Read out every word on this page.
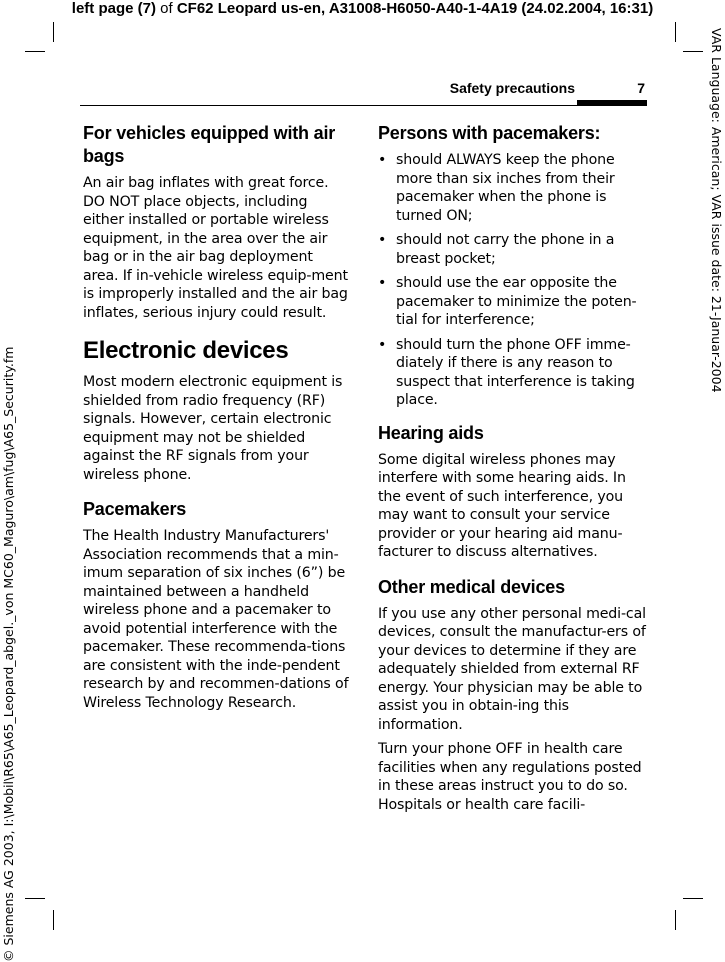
left page (7) of CF62 Leopard us-en, A31008-H6050-A40-1-4A19 (24.02.2004, 16:31)
VAR Language: American; VAR issue date: 21-Januar-2004
© Siemens AG 2003, I:\Mobil\R65\A65_Leopard_abgel._von MC60_Maguro\am\fug\A65_Security.fm
Safety precautions	7
For vehicles equipped with air bags

An air bag inflates with great force. DO NOT place objects, including either installed or portable wireless equipment, in the area over the air bag or in the air bag deployment area. If in-vehicle wireless equip-ment is improperly installed and the air bag inflates, serious injury could result.

Electronic devices

Most modern electronic equipment is shielded from radio frequency (RF) signals. However, certain electronic equipment may not be shielded against the RF signals from your wireless phone.

Pacemakers

The Health Industry Manufacturers' Association recommends that a min-imum separation of six inches (6”) be maintained between a handheld wireless phone and a pacemaker to avoid potential interference with the pacemaker. These recommenda-tions are consistent with the inde-pendent research by and recommen-dations of Wireless Technology Research.

Persons with pacemakers:
• should ALWAYS keep the phone more than six inches from their pacemaker when the phone is turned ON;
• should not carry the phone in a breast pocket;
• should use the ear opposite the pacemaker to minimize the poten-tial for interference;
• should turn the phone OFF imme-diately if there is any reason to suspect that interference is taking place.
Hearing aids

Some digital wireless phones may interfere with some hearing aids. In the event of such interference, you may want to consult your service provider or your hearing aid manu-facturer to discuss alternatives.

Other medical devices

If you use any other personal medi-cal devices, consult the manufactur-ers of your devices to determine if they are adequately shielded from external RF energy. Your physician may be able to assist you in obtain-ing this information.

Turn your phone OFF in health care facilities when any regulations posted in these areas instruct you to do so. Hospitals or health care facili-
